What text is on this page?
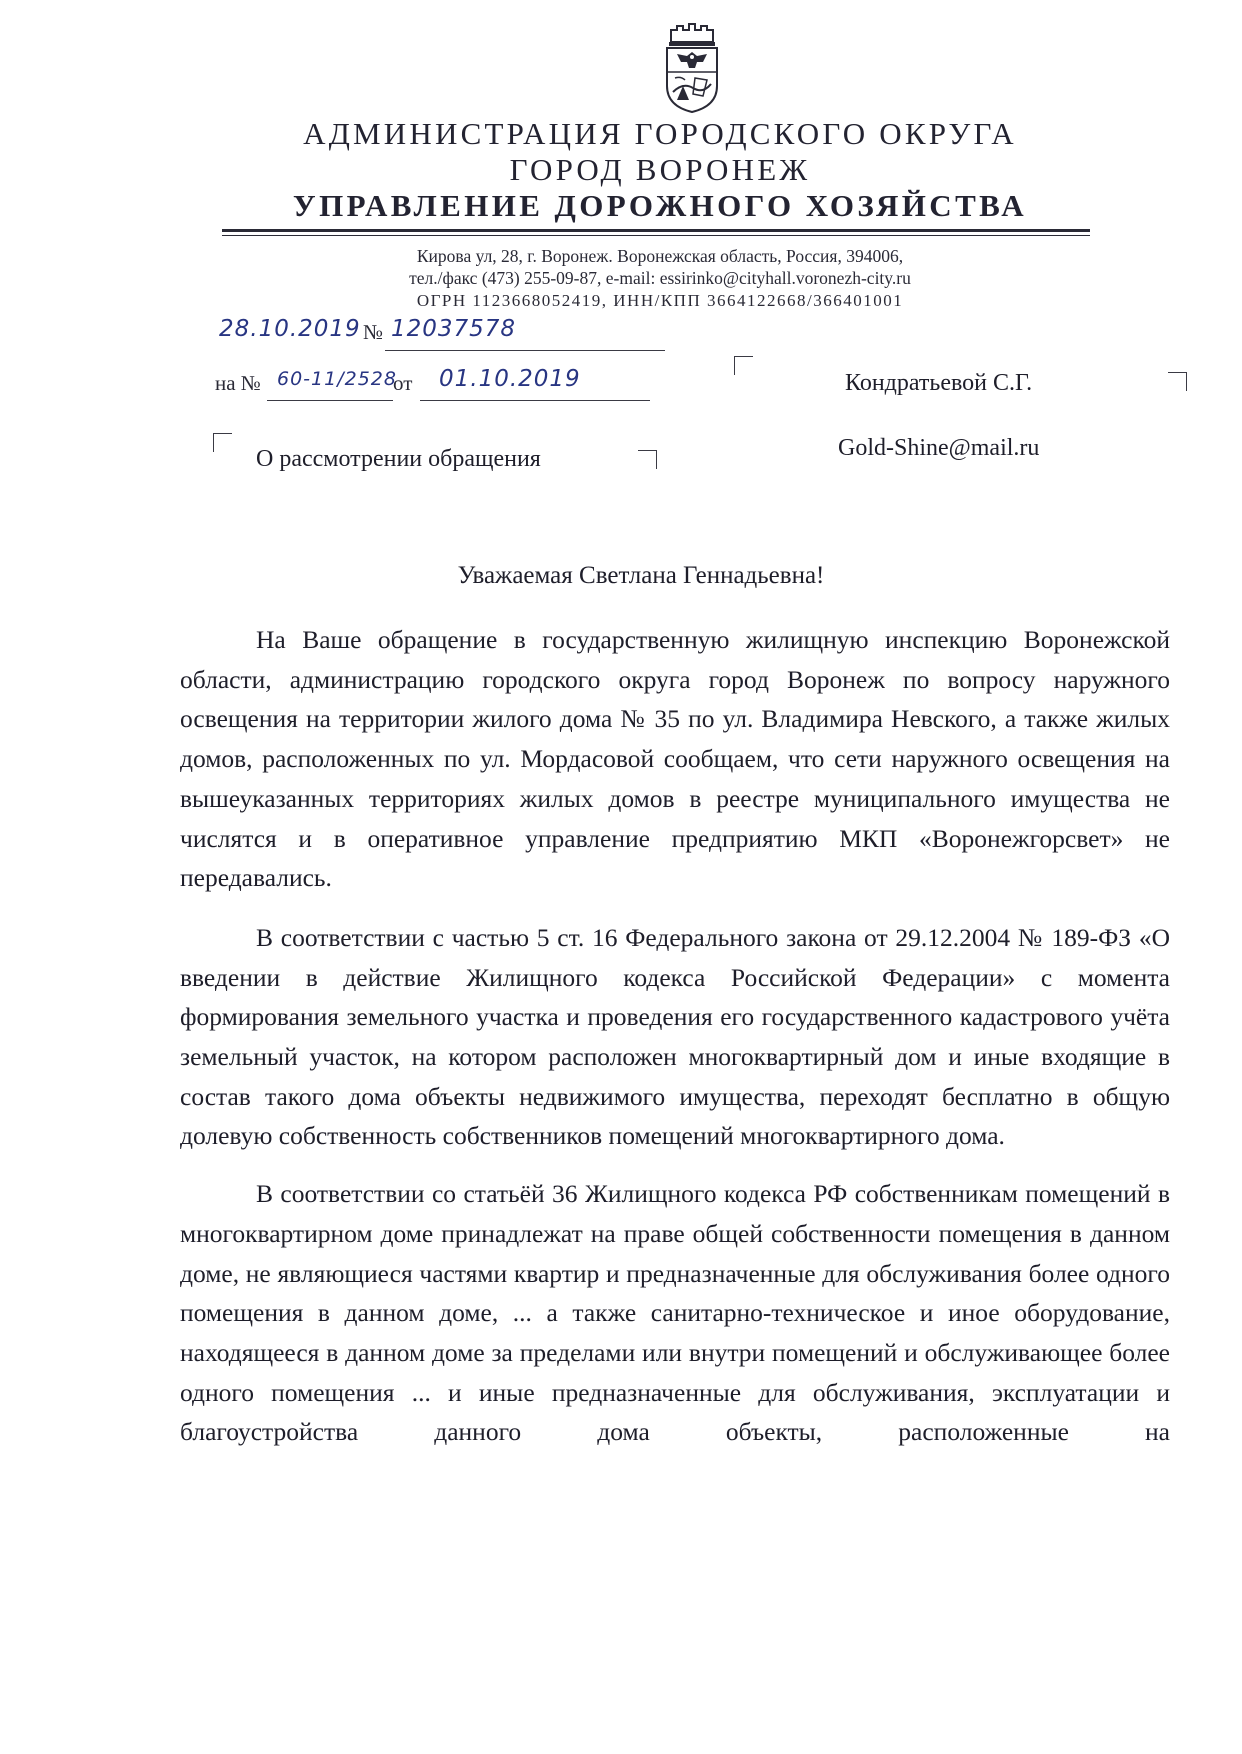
АДМИНИСТРАЦИЯ ГОРОДСКОГО ОКРУГА
ГОРОД ВОРОНЕЖ
УПРАВЛЕНИЕ ДОРОЖНОГО ХОЗЯЙСТВА
Кирова ул, 28, г. Воронеж. Воронежская область, Россия, 394006,
тел./факс (473) 255-09-87, e-mail: essirinko@cityhall.voronezh-city.ru
ОГРН 1123668052419, ИНН/КПП 3664122668/366401001
28.10.2019 № 12037578
на № 60-11/2528
от 01.10.2019	Кондратьевой С.Г.
Gold-Shine@mail.ru
О рассмотрении обращения
Уважаемая Светлана Геннадьевна!

На Ваше обращение в государственную жилищную инспекцию Воронежской области, администрацию городского округа город Воронеж по вопросу наружного освещения на территории жилого дома № 35 по ул. Владимира Невского, а также жилых домов, расположенных по ул. Мордасовой сообщаем, что сети наружного освещения на вышеуказанных территориях жилых домов в реестре муниципального имущества не числятся и в оперативное управление предприятию МКП «Воронежгорсвет» не передавались.

В соответствии с частью 5 ст. 16 Федерального закона от 29.12.2004 № 189-ФЗ «О введении в действие Жилищного кодекса Российской Федерации» с момента формирования земельного участка и проведения его государственного кадастрового учёта земельный участок, на котором расположен многоквартирный дом и иные входящие в состав такого дома объекты недвижимого имущества, переходят бесплатно в общую долевую собственность собственников помещений многоквартирного дома.

В соответствии со статьёй 36 Жилищного кодекса РФ собственникам помещений в многоквартирном доме принадлежат на праве общей собственности помещения в данном доме, не являющиеся частями квартир и предназначенные для обслуживания более одного помещения в данном доме, ... а также санитарно-техническое и иное оборудование, находящееся в данном доме за пределами или внутри помещений и обслуживающее более одного помещения ... и иные предназначенные для обслуживания, эксплуатации и благоустройства данного дома объекты, расположенные на
